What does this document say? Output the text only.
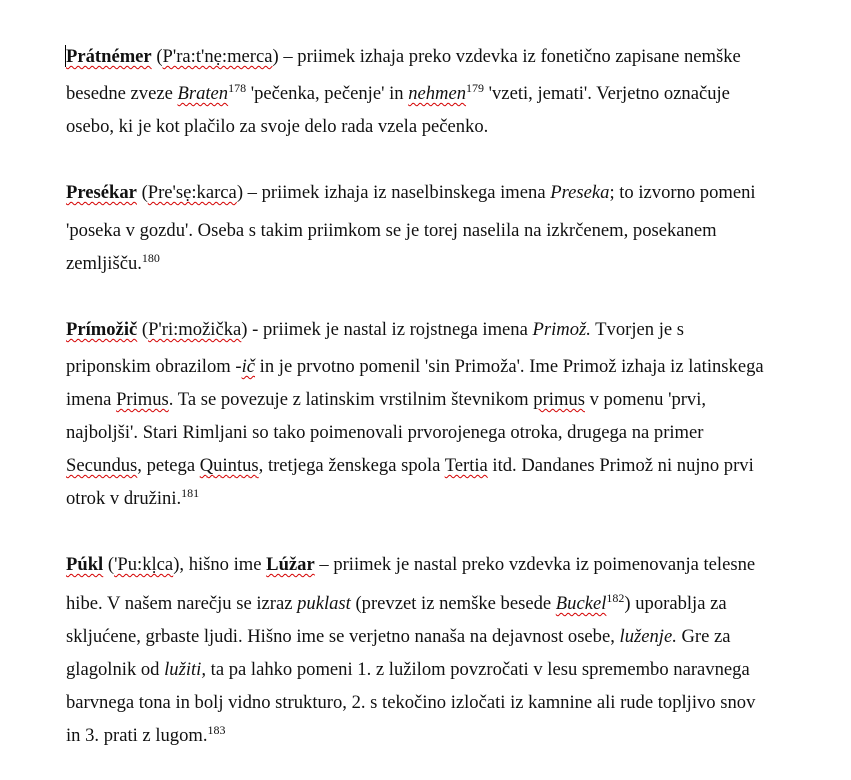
Prátnémer (P'ra:t'nẹ:merca) – priimek izhaja preko vzdevka iz fonetično zapisane nemške
besedne zveze Braten$^{178}$ 'pečenka, pečenje' in nehmen$^{179}$ 'vzeti, jemati'. Verjetno označuje
osebo, ki je kot plačilo za svoje delo rada vzela pečenko.
Presékar (Pre'sẹ:karca) – priimek izhaja iz naselbinskega imena Preseka; to izvorno pomeni
'poseka v gozdu'. Oseba s takim priimkom se je torej naselila na izkrčenem, posekanem
zemljišču.$^{180}$
Prímožič (P'ri:možička) - priimek je nastal iz rojstnega imena Primož. Tvorjen je s
priponskim obrazilom -ič in je prvotno pomenil 'sin Primoža'. Ime Primož izhaja iz latinskega
imena Primus. Ta se povezuje z latinskim vrstilnim števnikom primus v pomenu 'prvi,
najboljši'. Stari Rimljani so tako poimenovali prvorojenega otroka, drugega na primer
Secundus, petega Quintus, tretjega ženskega spola Tertia itd. Dandanes Primož ni nujno prvi
otrok v družini.$^{181}$
Púkl ('Pu:kḷca), hišno ime Lúžar – priimek je nastal preko vzdevka iz poimenovanja telesne
hibe. V našem narečju se izraz puklast (prevzet iz nemške besede Buckel$^{182}$) uporablja za
skljućene, grbaste ljudi. Hišno ime se verjetno nanaša na dejavnost osebe, luženje. Gre za
glagolnik od lužiti, ta pa lahko pomeni 1. z lužilom povzročati v lesu spremembo naravnega
barvnega tona in bolj vidno strukturo, 2. s tekočino izločati iz kamnine ali rude topljivo snov
in 3. prati z lugom.$^{183}$
